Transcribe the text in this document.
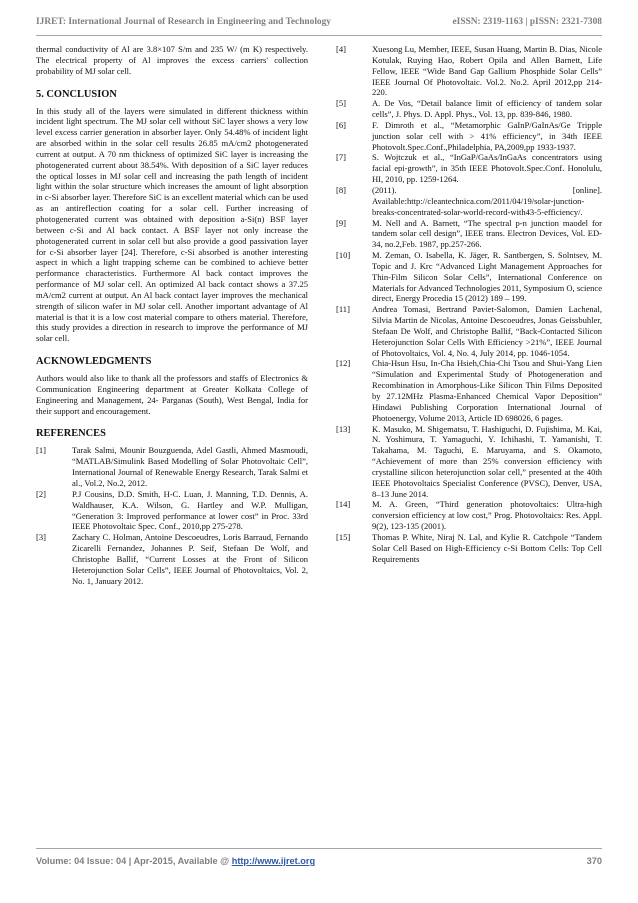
IJRET: International Journal of Research in Engineering and Technology	eISSN: 2319-1163 | pISSN: 2321-7308

thermal conductivity of Al are 3.8×107 S/m and 235 W/ (m K) respectively. The electrical property of Al improves the excess carriers' collection probability of MJ solar cell.

5. CONCLUSION

In this study all of the layers were simulated in different thickness within incident light spectrum. The MJ solar cell without SiC layer shows a very low level excess carrier generation in absorber layer. Only 54.48% of incident light are absorbed within in the solar cell results 26.85 mA/cm2 photogenerated current at output. A 70 nm thickness of optimized SiC layer is increasing the photogenerated current about 38.54%. With deposition of a SiC layer reduces the optical losses in MJ solar cell and increasing the path length of incident light within the solar structure which increases the amount of light absorption in c-Si absorber layer. Therefore SiC is an excellent material which can be used as an antireflection coating for a solar cell. Further increasing of photogenerated current was obtained with deposition a-Si(n) BSF layer between c-Si and Al back contact. A BSF layer not only increase the photogenerated current in solar cell but also provide a good passivation layer for c-Si absorber layer [24]. Therefore, c-Si absorbed is another interesting aspect in which a light trapping scheme can be combined to achieve better performance characteristics. Furthermore Al back contact improves the performance of MJ solar cell. An optimized Al back contact shows a 37.25 mA/cm2 current at output. An Al back contact layer improves the mechanical strength of silicon wafer in MJ solar cell. Another important advantage of Al material is that it is a low cost material compare to others material. Therefore, this study provides a direction in research to improve the performance of MJ solar cell.

ACKNOWLEDGMENTS

Authors would also like to thank all the professors and staffs of Electronics & Communication Engineering department at Greater Kolkata College of Engineering and Management, 24- Parganas (South), West Bengal, India for their support and encouragement.

REFERENCES
[1]	Tarak Salmi, Mounir Bouzguenda, Adel Gastli, Ahmed Masmoudi, “MATLAB/Simulink Based Modelling of Solar Photovoltaic Cell”, International Journal of Renewable Energy Research, Tarak Salmi et al., Vol.2, No.2, 2012.
[2]	P.J Cousins, D.D. Smith, H-C. Luan, J. Manning, T.D. Dennis, A. Waldhauser, K.A. Wilson, G. Hartley and W.P. Mulligan, “Generation 3: Improved performance at lower cost” in Proc. 33rd IEEE Photovoltaic Spec. Conf., 2010,pp 275-278.
[3]	Zachary C. Holman, Antoine Descoeudres, Loris Barraud, Fernando Zicarelli Fernandez, Johannes P. Seif, Stefaan De Wolf, and Christophe Ballif, “Current Losses at the Front of Silicon Heterojunction Solar Cells”, IEEE Journal of Photovoltaics, Vol. 2, No. 1, January 2012.
[4]	Xuesong Lu, Member, IEEE, Susan Huang, Martin B. Dias, Nicole Kotulak, Ruying Hao, Robert Opila and Allen Barnett, Life Fellow, IEEE “Wide Band Gap Gallium Phosphide Solar Cells” IEEE Journal Of Photovoltaic. Vol.2. No.2. April 2012,pp 214-220.
[5]	A. De Vos, “Detail balance limit of efficiency of tandem solar cells”, J. Phys. D. Appl. Phys., Vol. 13, pp. 839-846, 1980.
[6]	F. Dimroth et al., “Metamorphic GaInP/GaInAs/Ge Tripple junction solar cell with > 41% efficiency”, in 34th IEEE Photovolt.Spec.Conf.,Philadelphia, PA,2009,pp 1933-1937.
[7]	S. Wojtczuk et al., “InGaP/GaAs/InGaAs concentrators using facial epi-growth”, in 35th IEEE Photovolt.Spec.Conf. Honolulu, HI, 2010, pp. 1259-1264.
[8]	(2011). [online]. Available:http://cleantechnica.com/2011/04/19/solar-junction-breaks-concentrated-solar-world-record-with43-5-efficiency/.
[9]	M. Nell and A. Barnett, “The spectral p-n junction maodel for tandem solar cell design”, IEEE trans. Electron Devices, Vol. ED-34, no.2,Feb. 1987, pp.257-266.
[10]	M. Zeman, O. Isabella, K. Jäger, R. Santbergen, S. Solntsev, M. Topic and J. Krc “Advanced Light Management Approaches for Thin-Film Silicon Solar Cells”, International Conference on Materials for Advanced Technologies 2011, Symposium O, science direct, Energy Procedia 15 (2012) 189 – 199.
[11]	Andrea Tomasi, Bertrand Paviet-Salomon, Damien Lachenal, Silvia Martin de Nicolas, Antoine Descoeudres, Jonas Geissbuhler, Stefaan De Wolf, and Christophe Ballif, “Back-Contacted Silicon Heterojunction Solar Cells With Efficiency >21%”, IEEE Journal of Photovoltaics, Vol. 4, No. 4, July 2014, pp. 1046-1054.
[12]	Chia-Hsun Hsu, In-Cha Hsieh,Chia-Chi Tsou and Shui-Yang Lien “Simulation and Experimental Study of Photogeneration and Recombination in Amorphous-Like Silicon Thin Films Deposited by 27.12MHz Plasma-Enhanced Chemical Vapor Deposition” Hindawi Publishing Corporation International Journal of Photoenergy, Volume 2013, Article ID 698026, 6 pages.
[13]	K. Masuko, M. Shigematsu, T. Hashiguchi, D. Fujishima, M. Kai, N. Yoshimura, T. Yamaguchi, Y. Ichihashi, T. Yamanishi, T. Takahama, M. Taguchi, E. Maruyama, and S. Okamoto, “Achievement of more than 25% conversion efficiency with crystalline silicon heterojunction solar cell,” presented at the 40th IEEE Photovoltaics Specialist Conference (PVSC), Denver, USA, 8–13 June 2014.
[14]	M. A. Green, “Third generation photovoltaics: Ultra-high conversion efficiency at low cost,” Prog. Photovoltaics: Res. Appl. 9(2), 123-135 (2001).
[15]	Thomas P. White, Niraj N. Lal, and Kylie R. Catchpole “Tandem Solar Cell Based on High-Efficiency c-Si Bottom Cells: Top Cell Requirements
Volume: 04 Issue: 04 | Apr-2015, Available @ http://www.ijret.org	370
